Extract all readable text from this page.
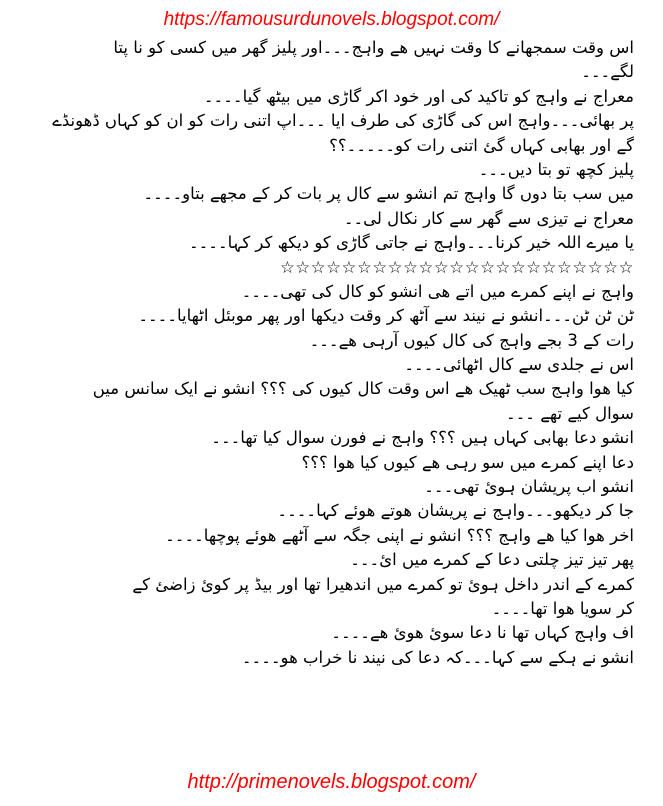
https://famousurdunovels.blogspot.com/

اس وقت سمجھانے کا وقت نہیں ھے واہج۔۔۔اور پلیز گھر میں کسی کو نا پتا

لگے۔۔۔

معراج نے واہج کو تاکید کی اور خود اکر گاڑی میں بیٹھ گیا۔۔۔۔

پر بھائی۔۔۔واہج اس کی گاڑی کی طرف ایا ۔۔۔اپ اتنی رات کو ان کو کہاں ڈھونڈے

گے اور بھابی کہاں گئ اتنی رات کو۔۔۔۔۔؟؟

پلیز کچھ تو بتا دیں۔۔۔

میں سب بتا دوں گا واہج تم انشو سے کال پر بات کر کے مجھے بتاو۔۔۔۔

معراج نے تیزی سے گھر سے کار نکال لی۔۔

یا میرے اللہ خیر کرنا۔۔۔واہج نے جاتی گاڑی کو دیکھ کر کہا۔۔۔۔

☆☆☆☆☆☆☆☆☆☆☆☆☆☆☆☆☆☆☆☆☆☆☆

واہج نے اپنے کمرے میں اتے ھی انشو کو کال کی تھی۔۔۔۔

ٹن ٹن ٹن۔۔۔انشو نے نیند سے آٹھ کر وقت دیکھا اور پھر موبئل اٹھایا۔۔۔۔

رات کے 3 بجے واہج کی کال کیوں آرہی ھے۔۔۔

اس نے جلدی سے کال اٹھائی۔۔۔۔

کیا ھوا واہج سب ٹھیک ھے اس وقت کال کیوں کی ؟؟؟ انشو نے ایک سانس میں

سوال کیے تھے ۔۔۔

انشو دعا بھابی کہاں ہیں ؟؟؟ واہج نے فورن سوال کیا تھا۔۔۔

دعا اپنے کمرے میں سو رہی ھے کیوں کیا ھوا ؟؟؟

انشو اب پریشان ہوئ تھی۔۔۔

جا کر دیکھو۔۔۔واہج نے پریشان ھوتے ھوئے کہا۔۔۔۔

اخر ھوا کیا ھے واہج ؟؟؟ انشو نے اپنی جگہ سے آٹھے ھوئے پوچھا۔۔۔۔

پھر تیز تیز چلتی دعا کے کمرے میں ائ۔۔۔

کمرے کے اندر داخل ہوئ تو کمرے میں اندھیرا تھا اور بیڈ پر کوئ زاضئ کے

کر سویا ھوا تھا۔۔۔۔

اف واہج کہاں تھا نا دعا سوئ ھوئ ھے۔۔۔۔

انشو نے ہکے سے کہا۔۔۔کہ دعا کی نیند نا خراب ھو۔۔۔۔

http://primenovels.blogspot.com/
